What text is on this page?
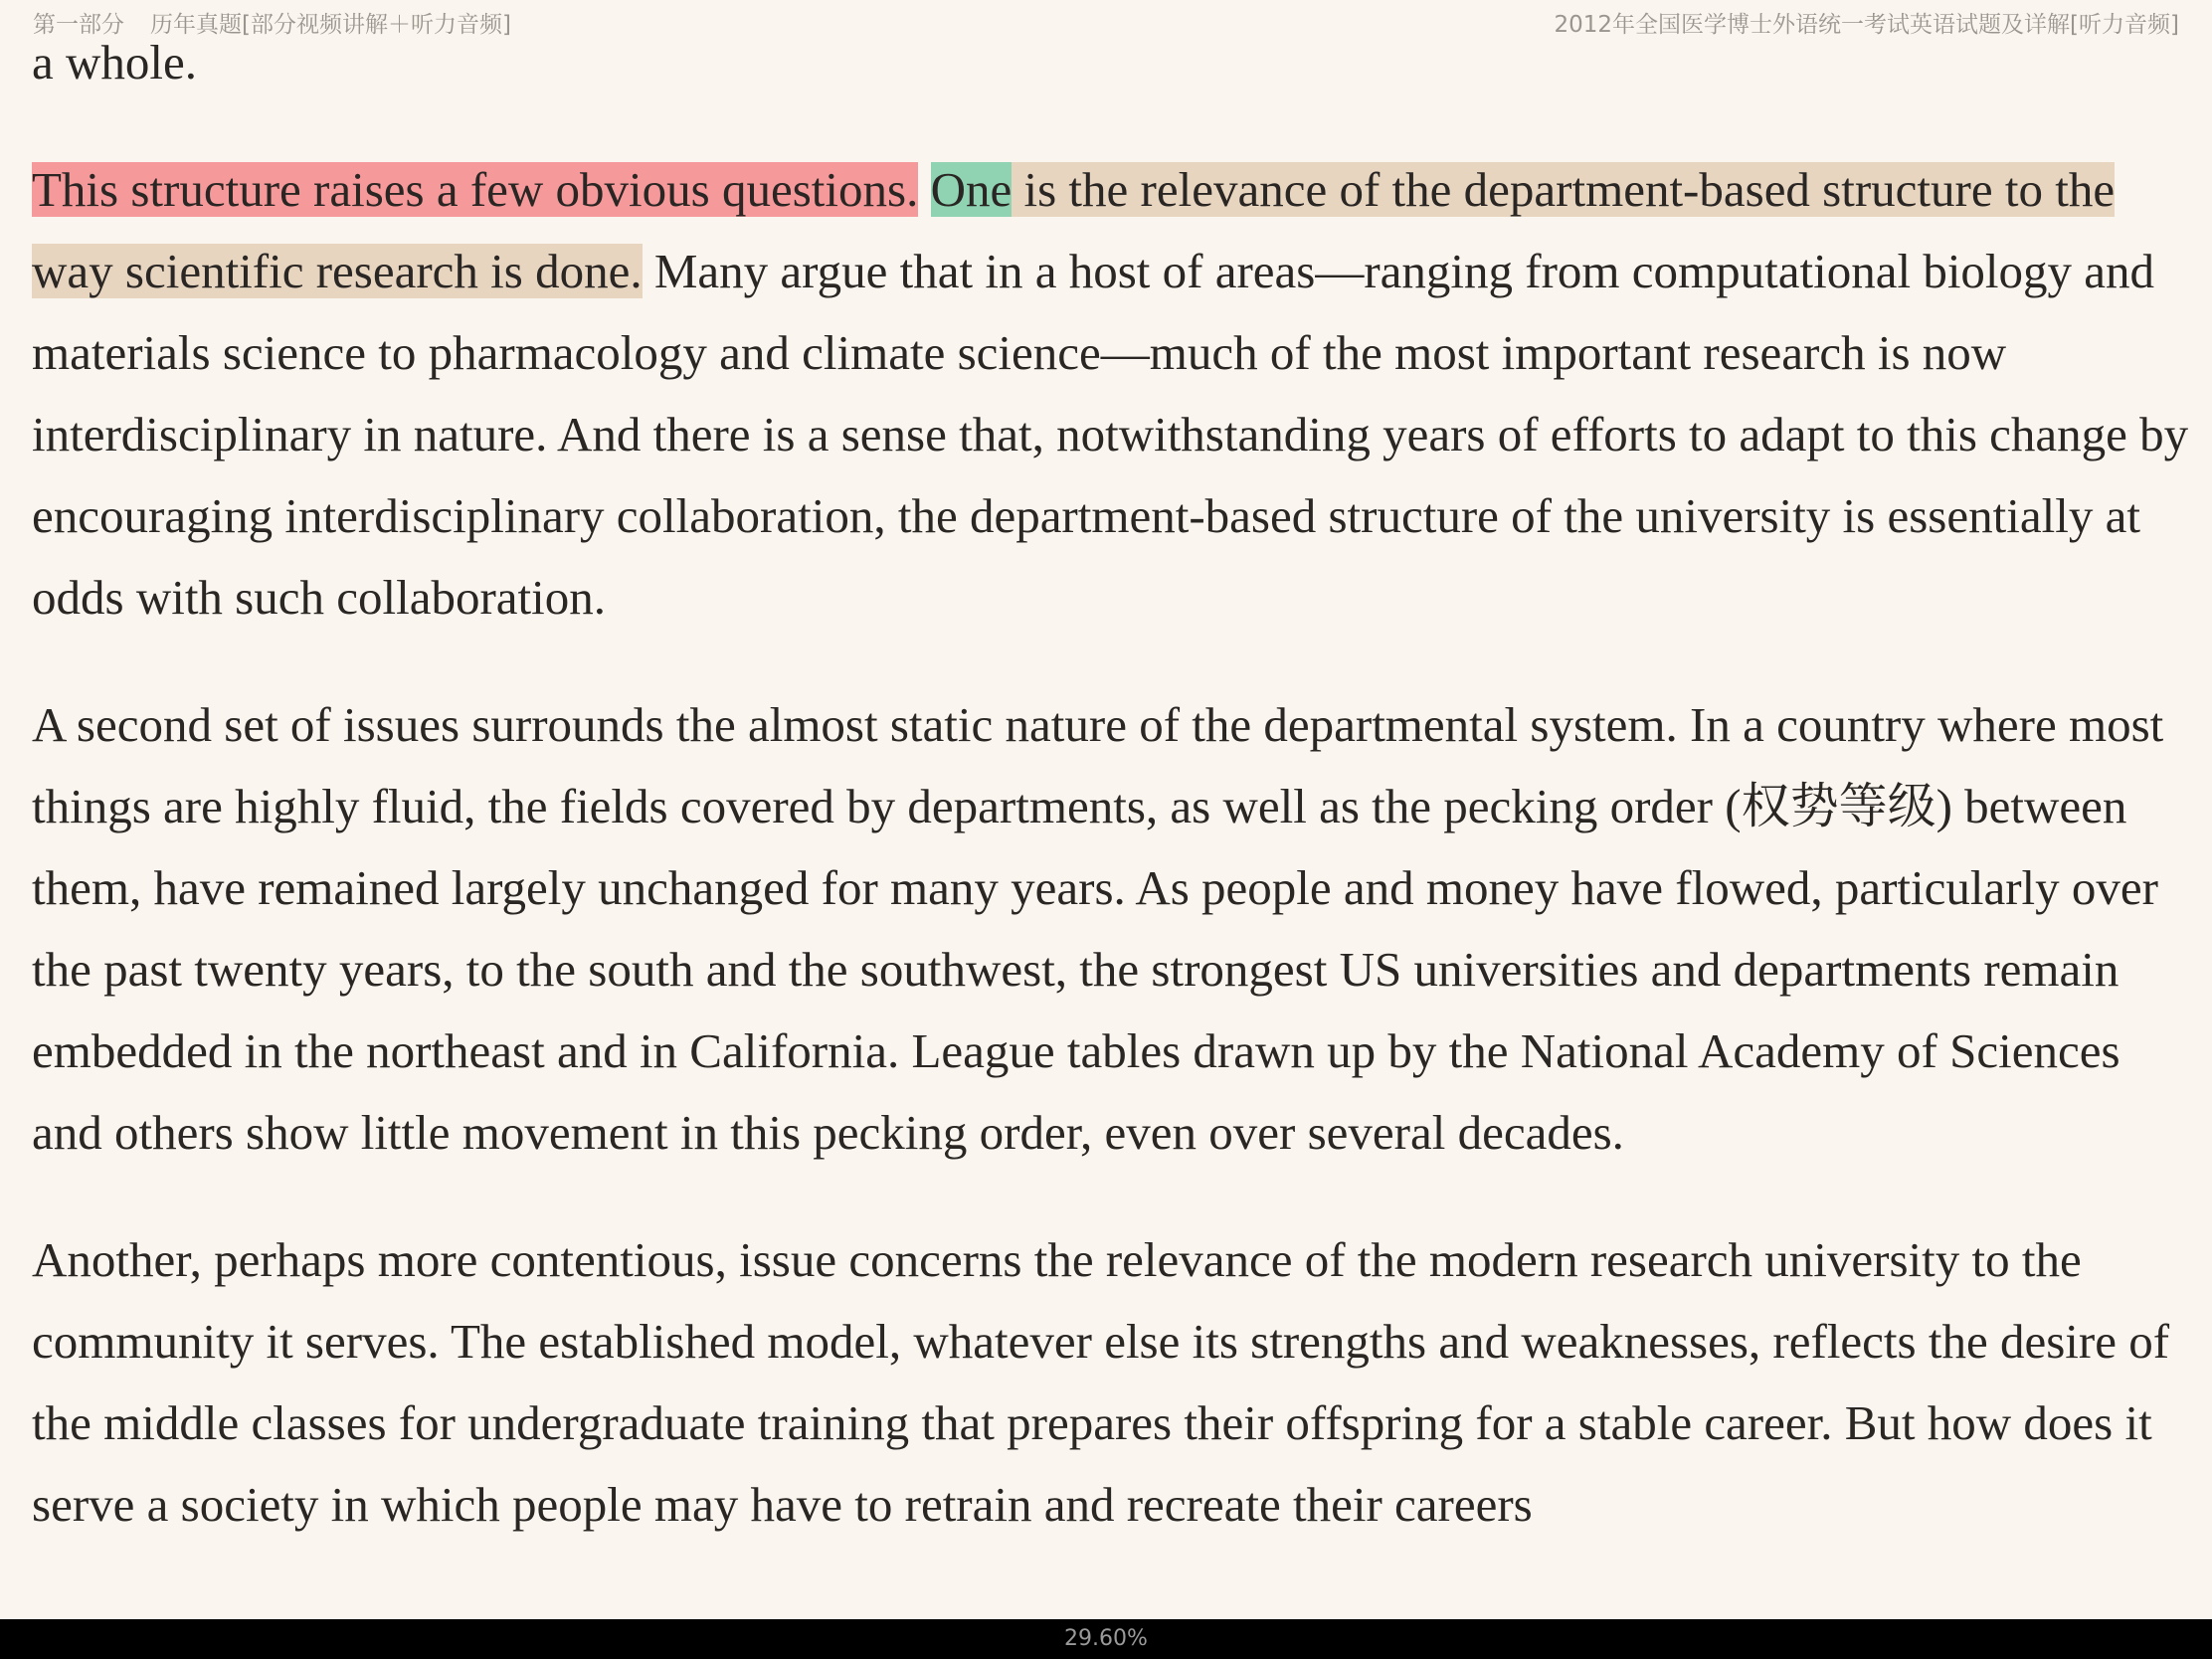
第一部分 历年真题[部分视频讲解＋听力音频]	2012年全国医学博士外语统一考试英语试题及详解[听力音频]

a whole.

This structure raises a few obvious questions. One is the relevance of the department-based structure to the way scientific research is done. Many argue that in a host of areas—ranging from computational biology and materials science to pharmacology and climate science—much of the most important research is now interdisciplinary in nature. And there is a sense that, notwithstanding years of efforts to adapt to this change by encouraging interdisciplinary collaboration, the department-based structure of the university is essentially at odds with such collaboration.

A second set of issues surrounds the almost static nature of the departmental system. In a country where most things are highly fluid, the fields covered by departments, as well as the pecking order (权势等级) between them, have remained largely unchanged for many years. As people and money have flowed, particularly over the past twenty years, to the south and the southwest, the strongest US universities and departments remain embedded in the northeast and in California. League tables drawn up by the National Academy of Sciences and others show little movement in this pecking order, even over several decades.

Another, perhaps more contentious, issue concerns the relevance of the modern research university to the community it serves. The established model, whatever else its strengths and weaknesses, reflects the desire of the middle classes for undergraduate training that prepares their offspring for a stable career. But how does it serve a society in which people may have to retrain and recreate their careers

29.60%
